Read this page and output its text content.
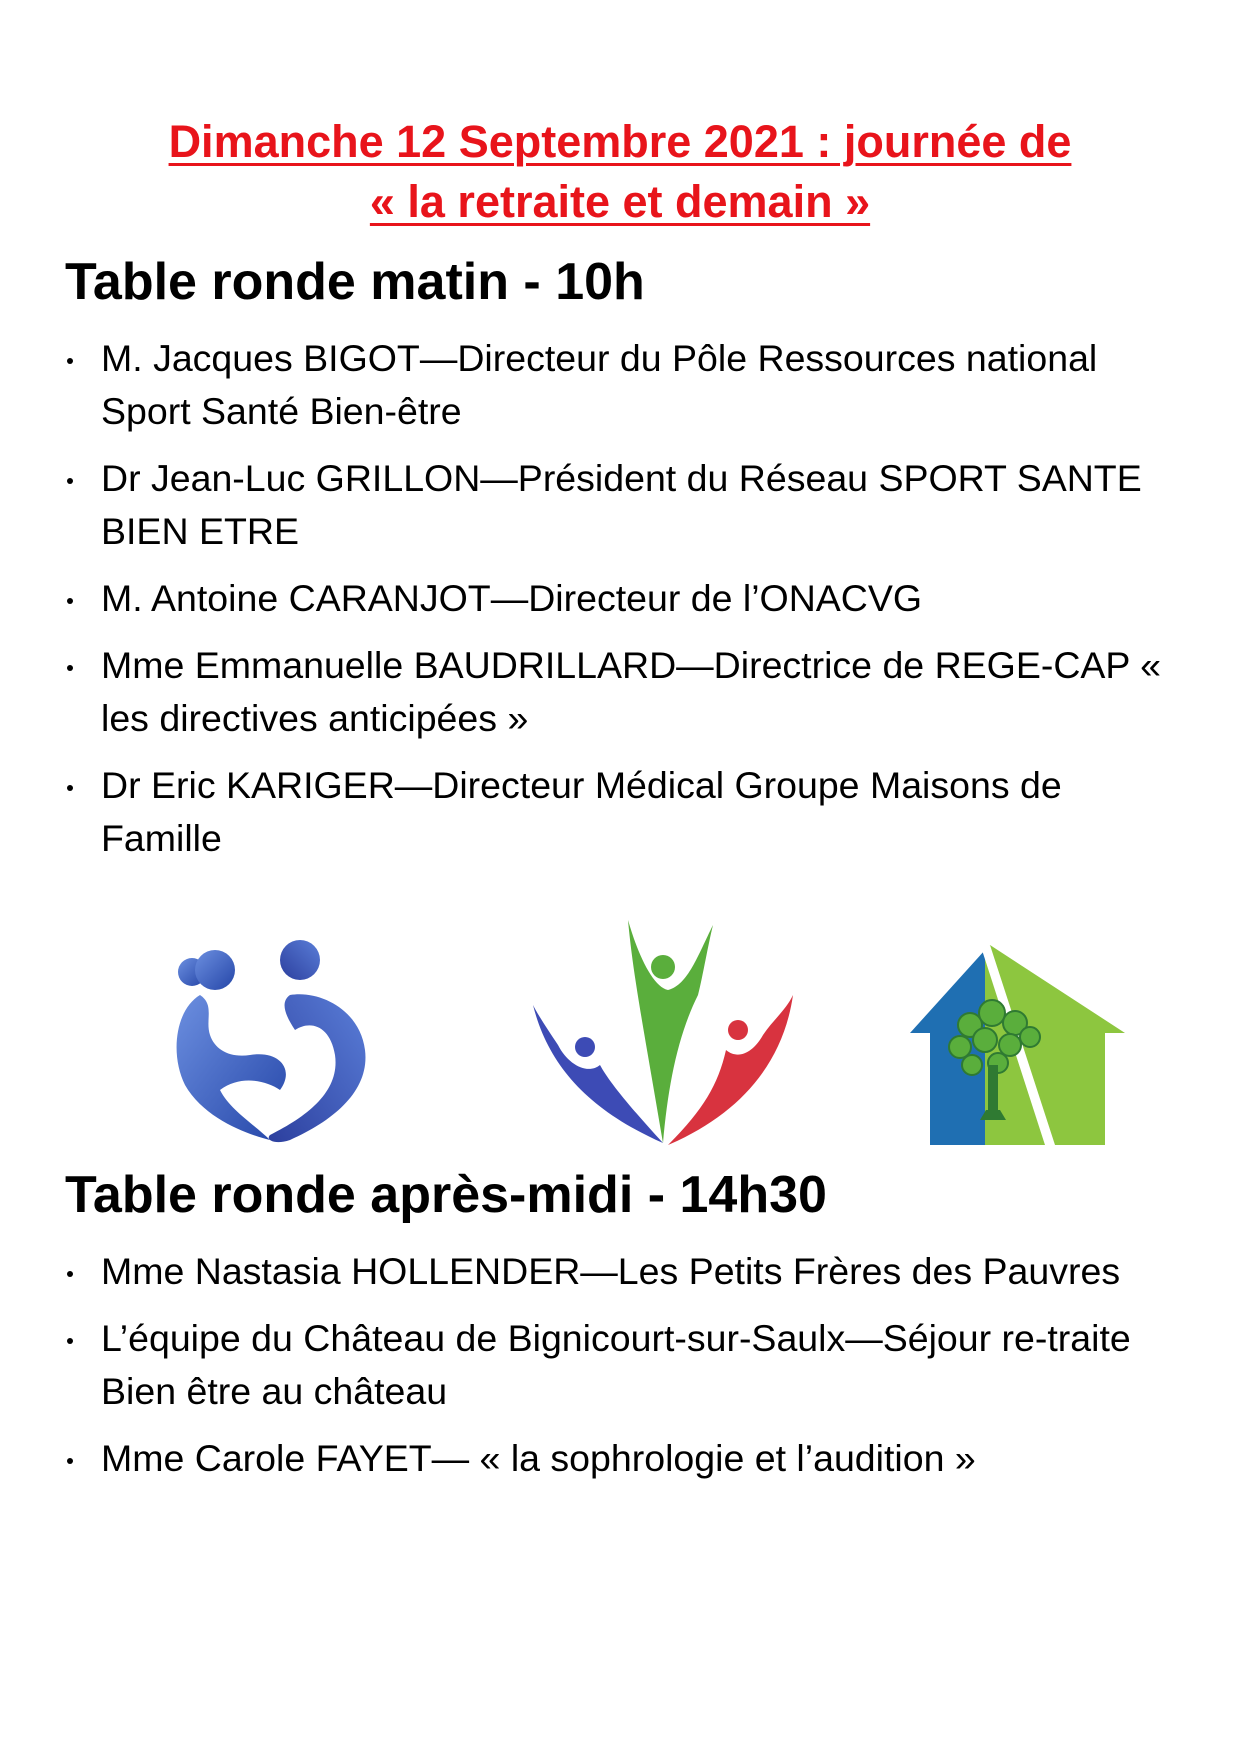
Dimanche 12 Septembre 2021 : journée de
« la retraite et demain »
Table ronde matin - 10h
M. Jacques BIGOT—Directeur du Pôle Ressources national Sport Santé Bien-être
Dr Jean-Luc GRILLON—Président du Réseau SPORT SANTE BIEN ETRE
M. Antoine CARANJOT—Directeur de l’ONACVG
Mme Emmanuelle BAUDRILLARD—Directrice de REGE-CAP « les directives anticipées »
Dr Eric KARIGER—Directeur Médical Groupe Maisons de Famille
Table ronde après-midi - 14h30
Mme Nastasia HOLLENDER—Les Petits Frères des Pauvres
L’équipe du Château de Bignicourt-sur-Saulx—Séjour re-traite Bien être au château
Mme Carole FAYET— « la sophrologie et l’audition »
